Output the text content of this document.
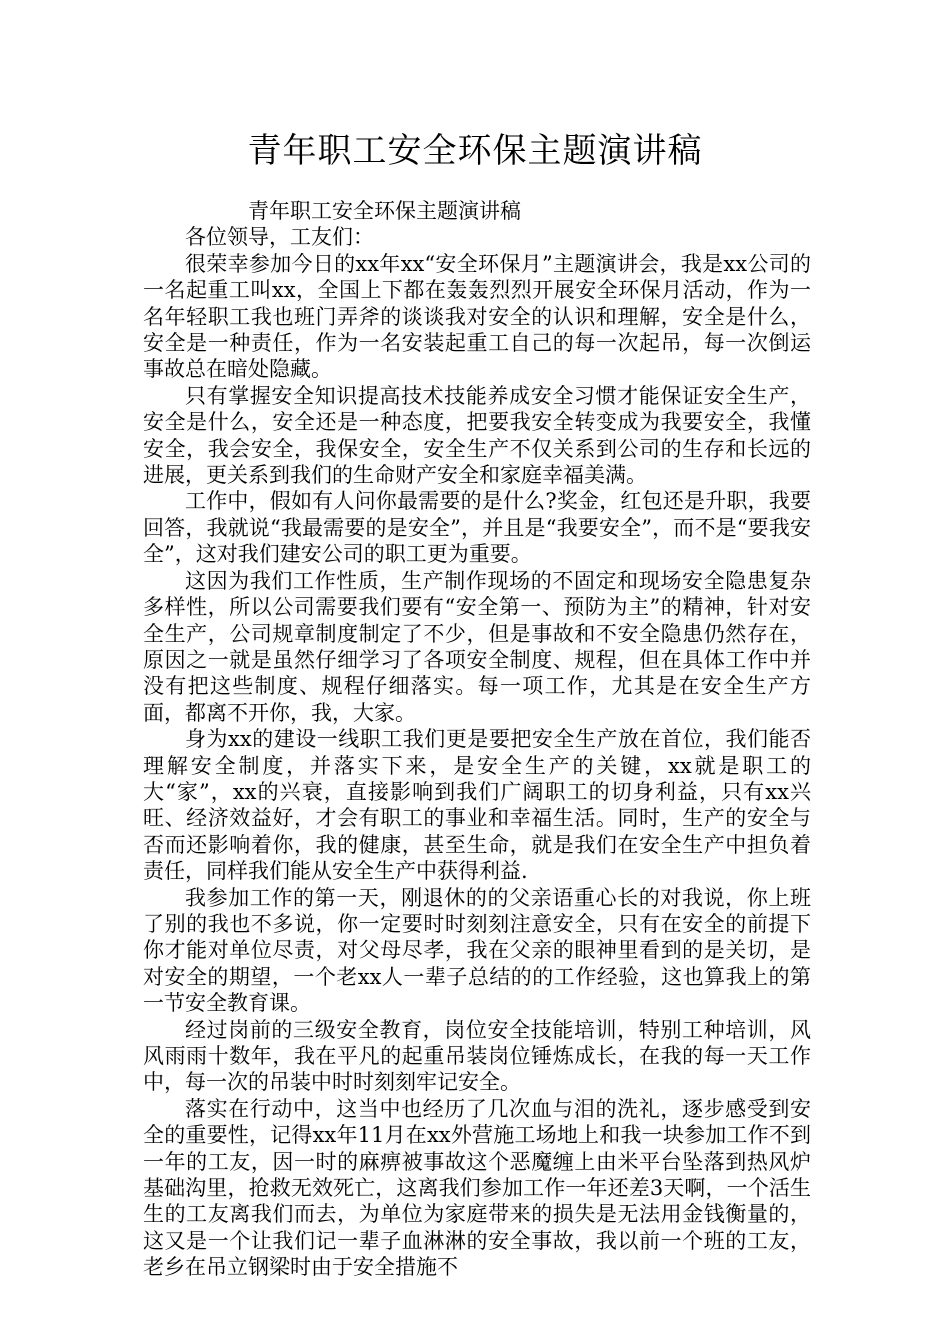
青年职工安全环保主题演讲稿

青年职工安全环保主题演讲稿

各位领导，工友们：

很荣幸参加今日的xx年xx“安全环保月”主题演讲会，我是xx公司的一名起重工叫xx，全国上下都在轰轰烈烈开展安全环保月活动，作为一名年轻职工我也班门弄斧的谈谈我对安全的认识和理解，安全是什么，安全是一种责任，作为一名安装起重工自己的每一次起吊，每一次倒运事故总在暗处隐藏。

只有掌握安全知识提高技术技能养成安全习惯才能保证安全生产，安全是什么，安全还是一种态度，把要我安全转变成为我要安全，我懂安全，我会安全，我保安全，安全生产不仅关系到公司的生存和长远的进展，更关系到我们的生命财产安全和家庭幸福美满。

工作中，假如有人问你最需要的是什么?奖金，红包还是升职，我要回答，我就说“我最需要的是安全”，并且是“我要安全”，而不是“要我安全”，这对我们建安公司的职工更为重要。

这因为我们工作性质，生产制作现场的不固定和现场安全隐患复杂多样性，所以公司需要我们要有“安全第一、预防为主”的精神，针对安全生产，公司规章制度制定了不少，但是事故和不安全隐患仍然存在，原因之一就是虽然仔细学习了各项安全制度、规程，但在具体工作中并没有把这些制度、规程仔细落实。每一项工作，尤其是在安全生产方面，都离不开你，我，大家。

身为xx的建设一线职工我们更是要把安全生产放在首位，我们能否理解安全制度，并落实下来，是安全生产的关键，xx就是职工的大“家”，xx的兴衰，直接影响到我们广阔职工的切身利益，只有xx兴旺、经济效益好，才会有职工的事业和幸福生活。同时，生产的安全与否而还影响着你，我的健康，甚至生命，就是我们在安全生产中担负着责任，同样我们能从安全生产中获得利益.

我参加工作的第一天，刚退休的的父亲语重心长的对我说，你上班了别的我也不多说，你一定要时时刻刻注意安全，只有在安全的前提下你才能对单位尽责，对父母尽孝，我在父亲的眼神里看到的是关切，是对安全的期望，一个老xx人一辈子总结的的工作经验，这也算我上的第一节安全教育课。

经过岗前的三级安全教育，岗位安全技能培训，特别工种培训，风风雨雨十数年，我在平凡的起重吊装岗位锤炼成长，在我的每一天工作中，每一次的吊装中时时刻刻牢记安全。

落实在行动中，这当中也经历了几次血与泪的洗礼，逐步感受到安全的重要性，记得xx年11月在xx外营施工场地上和我一块参加工作不到一年的工友，因一时的麻痹被事故这个恶魔缠上由米平台坠落到热风炉基础沟里，抢救无效死亡，这离我们参加工作一年还差3天啊，一个活生生的工友离我们而去，为单位为家庭带来的损失是无法用金钱衡量的，这又是一个让我们记一辈子血淋淋的安全事故，我以前一个班的工友，老乡在吊立钢梁时由于安全措施不
